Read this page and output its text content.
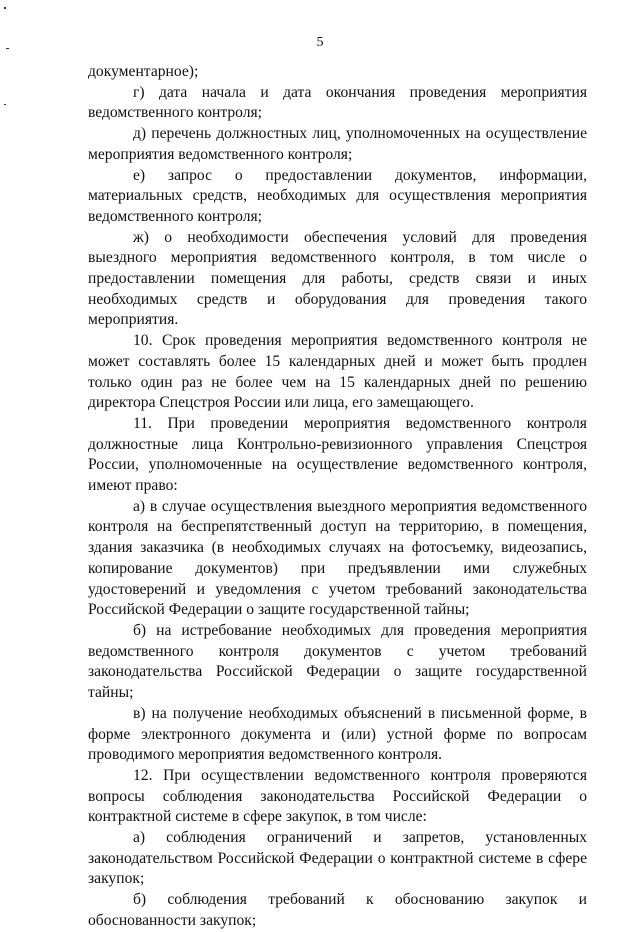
5

документарное);

г) дата начала и дата окончания проведения мероприятия ведомственного контроля;

д) перечень должностных лиц, уполномоченных на осуществление мероприятия ведомственного контроля;

е) запрос о предоставлении документов, информации, материальных средств, необходимых для осуществления мероприятия ведомственного контроля;

ж) о необходимости обеспечения условий для проведения выездного мероприятия ведомственного контроля, в том числе о предоставлении помещения для работы, средств связи и иных необходимых средств и оборудования для проведения такого мероприятия.

10. Срок проведения мероприятия ведомственного контроля не может составлять более 15 календарных дней и может быть продлен только один раз не более чем на 15 календарных дней по решению директора Спецстроя России или лица, его замещающего.

11. При проведении мероприятия ведомственного контроля должностные лица Контрольно-ревизионного управления Спецстроя России, уполномоченные на осуществление ведомственного контроля, имеют право:

а) в случае осуществления выездного мероприятия ведомственного контроля на беспрепятственный доступ на территорию, в помещения, здания заказчика (в необходимых случаях на фотосъемку, видеозапись, копирование документов) при предъявлении ими служебных удостоверений и уведомления с учетом требований законодательства Российской Федерации о защите государственной тайны;

б) на истребование необходимых для проведения мероприятия ведомственного контроля документов с учетом требований законодательства Российской Федерации о защите государственной тайны;

в) на получение необходимых объяснений в письменной форме, в форме электронного документа и (или) устной форме по вопросам проводимого мероприятия ведомственного контроля.

12. При осуществлении ведомственного контроля проверяются вопросы соблюдения законодательства Российской Федерации о контрактной системе в сфере закупок, в том числе:

а) соблюдения ограничений и запретов, установленных законодательством Российской Федерации о контрактной системе в сфере закупок;

б) соблюдения требований к обоснованию закупок и обоснованности закупок;
